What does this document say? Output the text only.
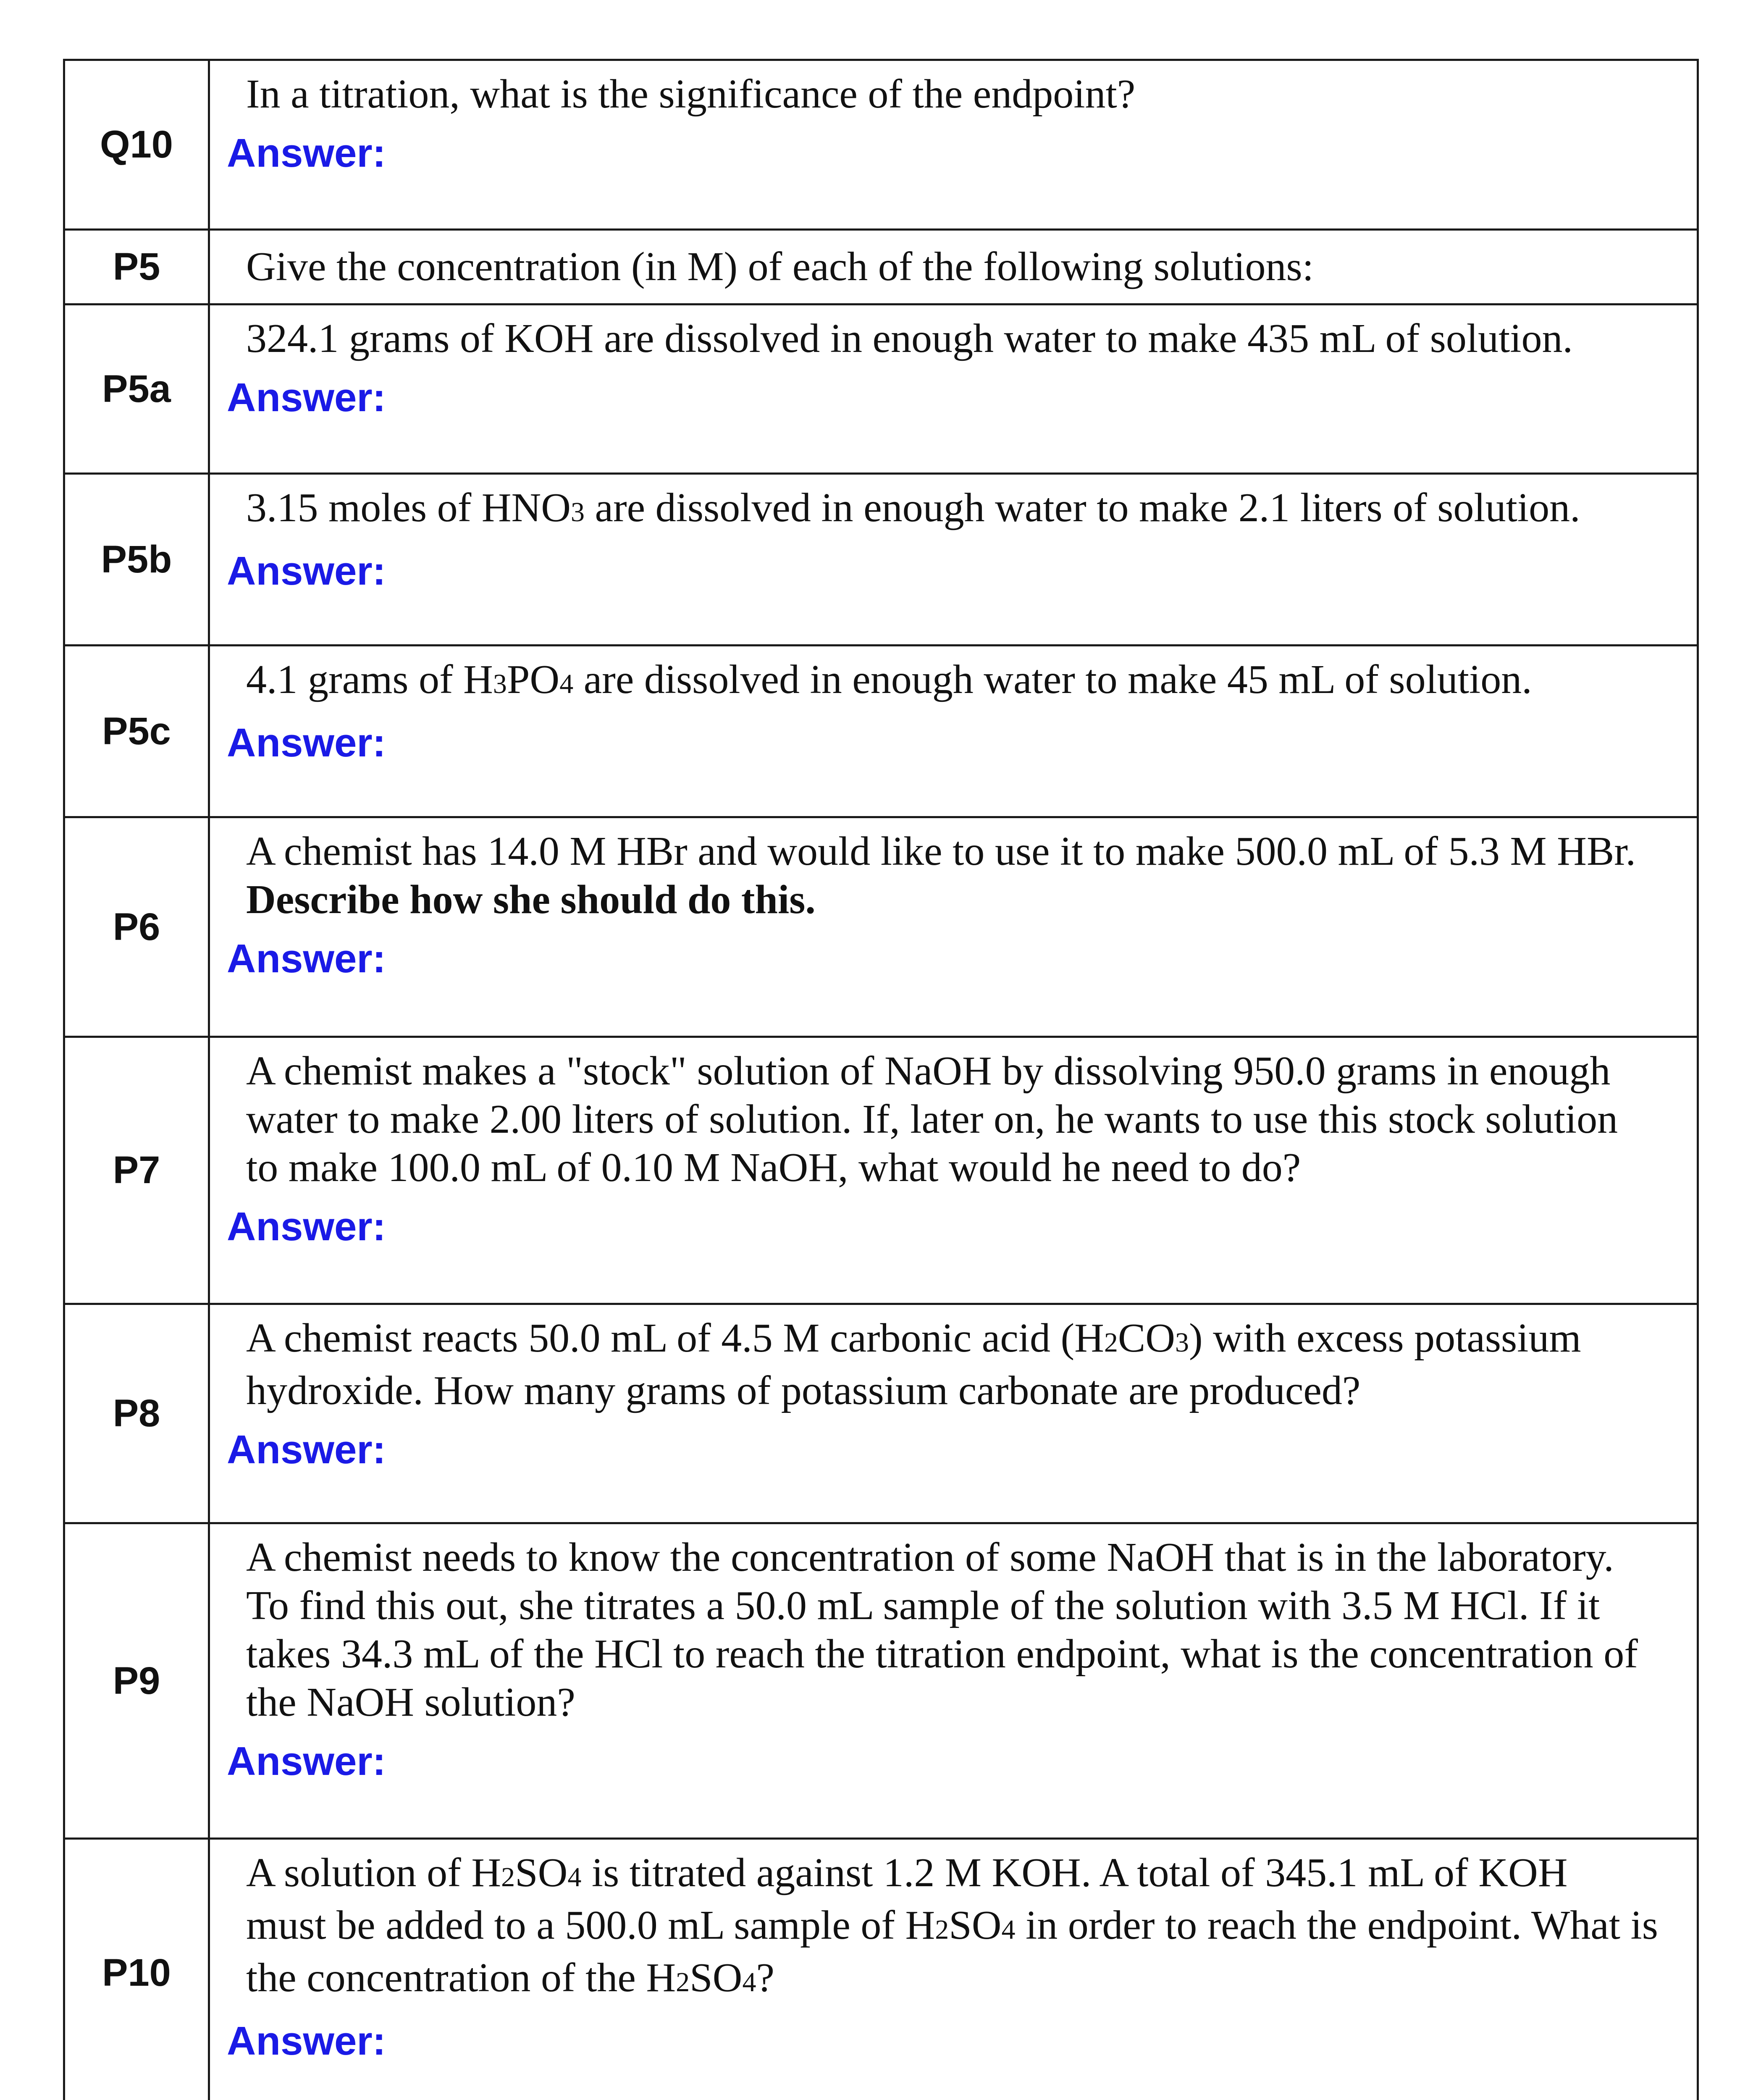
Q10	In a titration, what is the significance of the endpoint?
Answer:

P5	Give the concentration (in M) of each of the following solutions:

P5a	324.1 grams of KOH are dissolved in enough water to make 435 mL of solution.
Answer:

P5b	3.15 moles of HNO3 are dissolved in enough water to make 2.1 liters of solution.
Answer:

P5c	4.1 grams of H3PO4 are dissolved in enough water to make 45 mL of solution.
Answer:

P6	A chemist has 14.0 M HBr and would like to use it to make 500.0 mL of 5.3 M HBr.
Describe how she should do this.
Answer:

P7	A chemist makes a "stock" solution of NaOH by dissolving 950.0 grams in enough
water to make 2.00 liters of solution. If, later on, he wants to use this stock solution
to make 100.0 mL of 0.10 M NaOH, what would he need to do?
Answer:

P8	A chemist reacts 50.0 mL of 4.5 M carbonic acid (H2CO3) with excess potassium
hydroxide. How many grams of potassium carbonate are produced?
Answer:

P9	A chemist needs to know the concentration of some NaOH that is in the laboratory.
To find this out, she titrates a 50.0 mL sample of the solution with 3.5 M HCl. If it
takes 34.3 mL of the HCl to reach the titration endpoint, what is the concentration of
the NaOH solution?
Answer:

P10	A solution of H2SO4 is titrated against 1.2 M KOH. A total of 345.1 mL of KOH
must be added to a 500.0 mL sample of H2SO4 in order to reach the endpoint. What is
the concentration of the H2SO4?
Answer:
